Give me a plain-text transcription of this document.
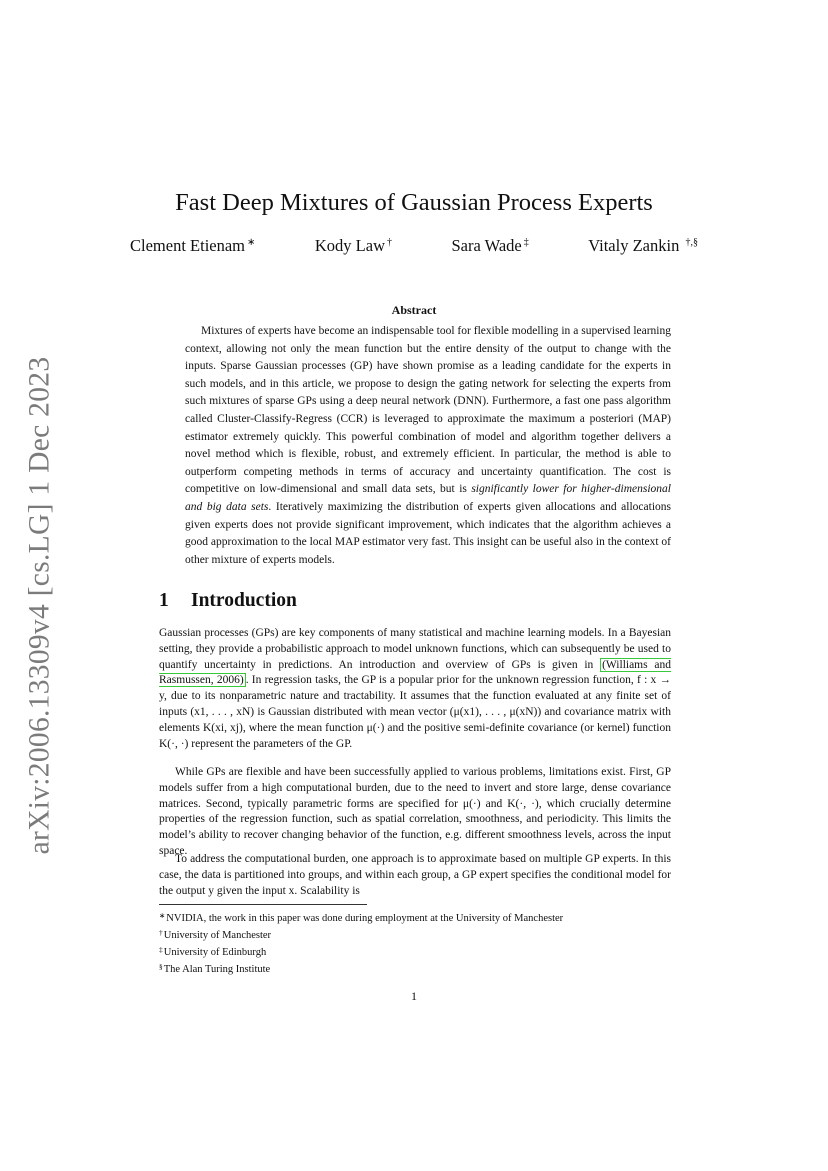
arXiv:2006.13309v4 [cs.LG] 1 Dec 2023
Fast Deep Mixtures of Gaussian Process Experts
Clement Etienam ∗	Kody Law †	Sara Wade ‡	Vitaly Zankin †,§
Abstract

Mixtures of experts have become an indispensable tool for flexible modelling in a supervised learning context, allowing not only the mean function but the entire density of the output to change with the inputs. Sparse Gaussian processes (GP) have shown promise as a leading candidate for the experts in such models, and in this article, we propose to design the gating network for selecting the experts from such mixtures of sparse GPs using a deep neural network (DNN). Furthermore, a fast one pass algorithm called Cluster-Classify-Regress (CCR) is leveraged to approximate the maximum a posteriori (MAP) estimator extremely quickly. This powerful combination of model and algorithm together delivers a novel method which is flexible, robust, and extremely efficient. In particular, the method is able to outperform competing methods in terms of accuracy and uncertainty quantification. The cost is competitive on low-dimensional and small data sets, but is significantly lower for higher-dimensional and big data sets. Iteratively maximizing the distribution of experts given allocations and allocations given experts does not provide significant improvement, which indicates that the algorithm achieves a good approximation to the local MAP estimator very fast. This insight can be useful also in the context of other mixture of experts models.

1 Introduction

Gaussian processes (GPs) are key components of many statistical and machine learning models. In a Bayesian setting, they provide a probabilistic approach to model unknown functions, which can subsequently be used to quantify uncertainty in predictions. An introduction and overview of GPs is given in (Williams and Rasmussen, 2006) . In regression tasks, the GP is a popular prior for the unknown regression function, f : x → y, due to its nonparametric nature and tractability. It assumes that the function evaluated at any finite set of inputs (x1, . . . , xN) is Gaussian distributed with mean vector (μ(x1), . . . , μ(xN)) and covariance matrix with elements K(xi, xj), where the mean function μ(·) and the positive semi-definite covariance (or kernel) function K(·, ·) represent the parameters of the GP.

While GPs are flexible and have been successfully applied to various problems, limitations exist. First, GP models suffer from a high computational burden, due to the need to invert and store large, dense covariance matrices. Second, typically parametric forms are specified for μ(·) and K(·, ·), which crucially determine properties of the regression function, such as spatial correlation, smoothness, and periodicity. This limits the model’s ability to recover changing behavior of the function, e.g. different smoothness levels, across the input space.

To address the computational burden, one approach is to approximate based on multiple GP experts. In this case, the data is partitioned into groups, and within each group, a GP expert specifies the conditional model for the output y given the input x. Scalability is

∗NVIDIA, the work in this paper was done during employment at the University of Manchester
†University of Manchester
‡University of Edinburgh
§The Alan Turing Institute
1
